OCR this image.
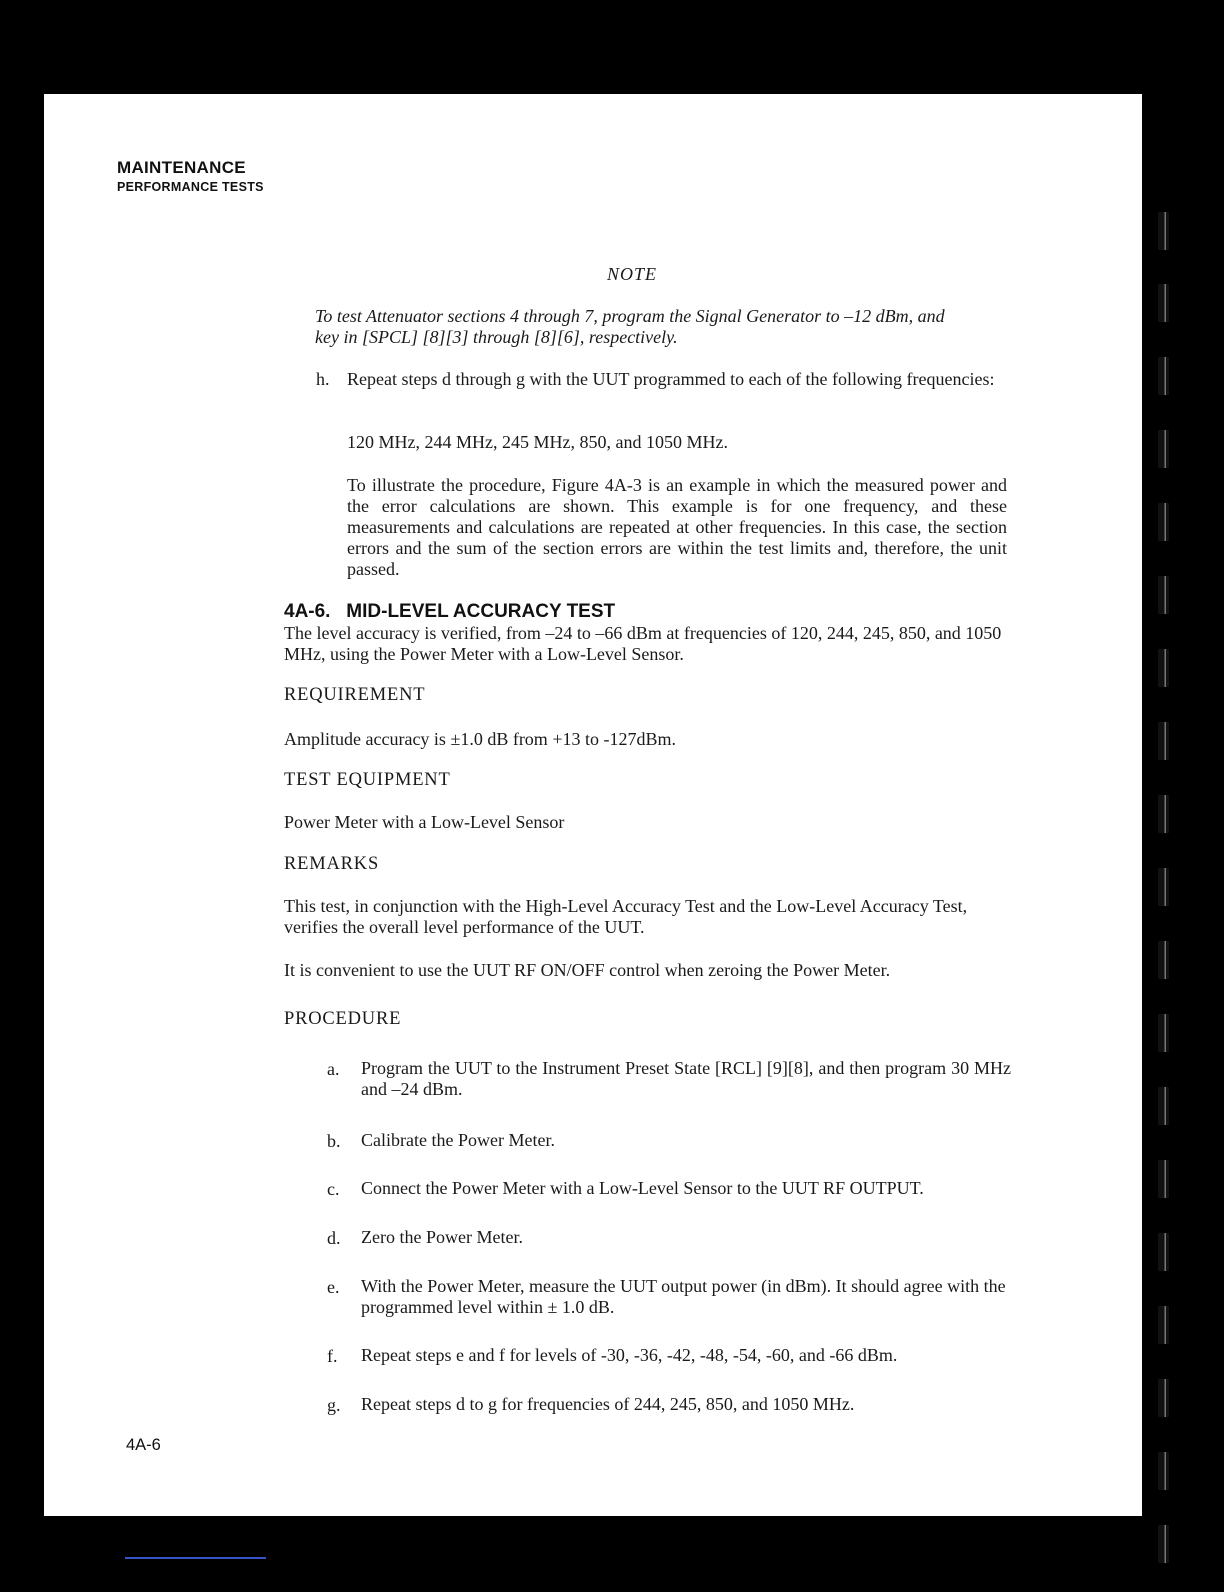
MAINTENANCE
PERFORMANCE TESTS
NOTE
To test Attenuator sections 4 through 7, program the Signal Generator to –12 dBm, and key in [SPCL] [8][3] through [8][6], respectively.
h. Repeat steps d through g with the UUT programmed to each of the following frequencies:
120 MHz, 244 MHz, 245 MHz, 850, and 1050 MHz.
To illustrate the procedure, Figure 4A-3 is an example in which the measured power and the error calculations are shown. This example is for one frequency, and these measurements and calculations are repeated at other frequencies. In this case, the section errors and the sum of the section errors are within the test limits and, therefore, the unit passed.
4A-6.   MID-LEVEL ACCURACY TEST
The level accuracy is verified, from –24 to –66 dBm at frequencies of 120, 244, 245, 850, and 1050 MHz, using the Power Meter with a Low-Level Sensor.
REQUIREMENT
Amplitude accuracy is ±1.0 dB from +13 to -127dBm.
TEST EQUIPMENT
Power Meter with a Low-Level Sensor
REMARKS
This test, in conjunction with the High-Level Accuracy Test and the Low-Level Accuracy Test, verifies the overall level performance of the UUT.
It is convenient to use the UUT RF ON/OFF control when zeroing the Power Meter.
PROCEDURE
a. Program the UUT to the Instrument Preset State [RCL] [9][8], and then program 30 MHz and –24 dBm.
b. Calibrate the Power Meter.
c. Connect the Power Meter with a Low-Level Sensor to the UUT RF OUTPUT.
d. Zero the Power Meter.
e. With the Power Meter, measure the UUT output power (in dBm). It should agree with the programmed level within ± 1.0 dB.
f. Repeat steps e and f for levels of -30, -36, -42, -48, -54, -60, and -66 dBm.
g. Repeat steps d to g for frequencies of 244, 245, 850, and 1050 MHz.
4A-6
